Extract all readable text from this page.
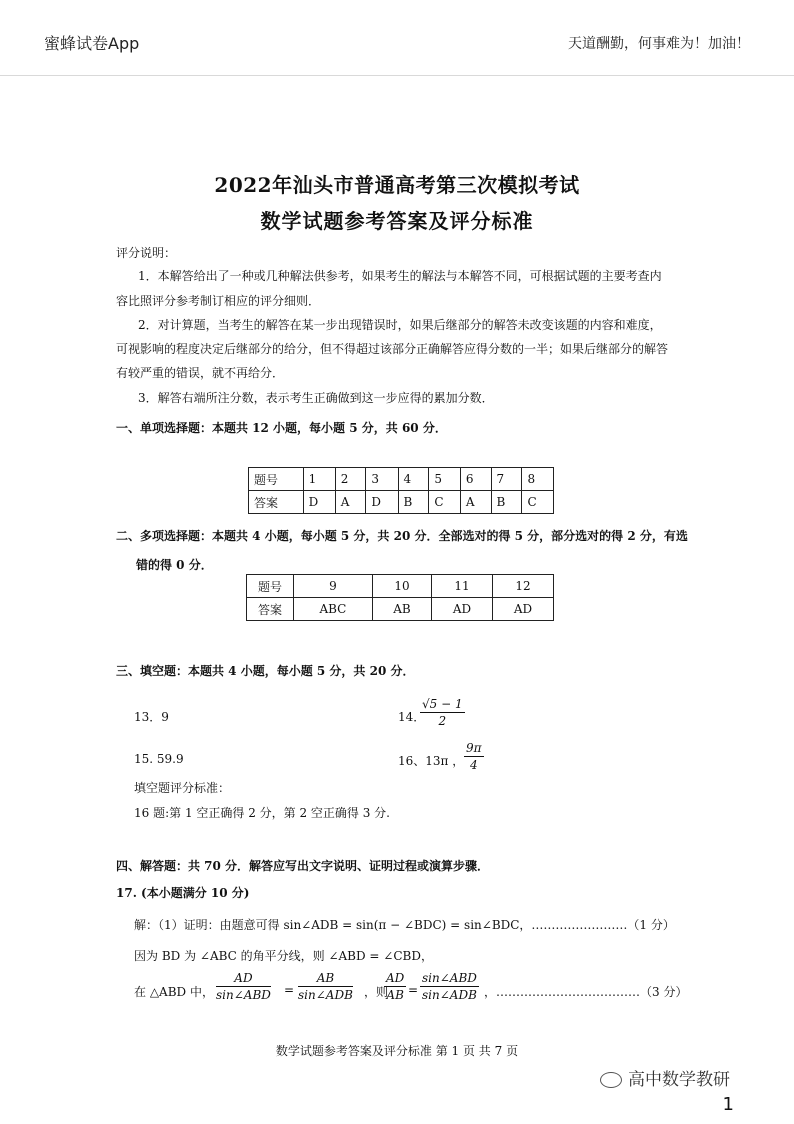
蜜蜂试卷App	天道酬勤，何事难为！加油！
2022年汕头市普通高考第三次模拟考试
数学试题参考答案及评分标准
评分说明：
1．本解答给出了一种或几种解法供参考，如果考生的解法与本解答不同，可根据试题的主要考查内
容比照评分参考制订相应的评分细则．
2．对计算题，当考生的解答在某一步出现错误时，如果后继部分的解答未改变该题的内容和难度，
可视影响的程度决定后继部分的给分，但不得超过该部分正确解答应得分数的一半；如果后继部分的解答
有较严重的错误，就不再给分．
3．解答右端所注分数，表示考生正确做到这一步应得的累加分数．
一、单项选择题：本题共 12 小题，每小题 5 分，共 60 分．
题号	1	2	3	4	5	6	7	8
答案	D	A	D	B	C	A	B	C
二、多项选择题：本题共 4 小题，每小题 5 分，共 20 分．全部选对的得 5 分，部分选对的得 2 分，有选
错的得 0 分．
题号	9	10	11	12
答案	ABC	AB	AD	AD
三、填空题：本题共 4 小题，每小题 5 分，共 20 分．
13．9	14．
$\frac{√5 - 1}{2}$
15. 59.9	16、13π ， $\frac{9\pi}{4}$
填空题评分标准：
16 题:第 1 空正确得 2 分，第 2 空正确得 3 分.
四、解答题：共 70 分．解答应写出文字说明、证明过程或演算步骤．
17. (本小题满分 10 分)
解：（1）证明：由题意可得 sin∠ADB = sin(π − ∠BDC) = sin∠BDC，……………………（1 分）
因为 BD 为 ∠ABC 的角平分线，则 ∠ABD = ∠CBD，
在 △ABD 中，
AD
sin∠ABD =
AB
sin∠ADB ，则
$\frac{AD}{AB}$ =
sin∠ABD
sin∠ADB ，………………………………（3 分）
数学试题参考答案及评分标准 第 1 页 共 7 页
高中数学教研
1
